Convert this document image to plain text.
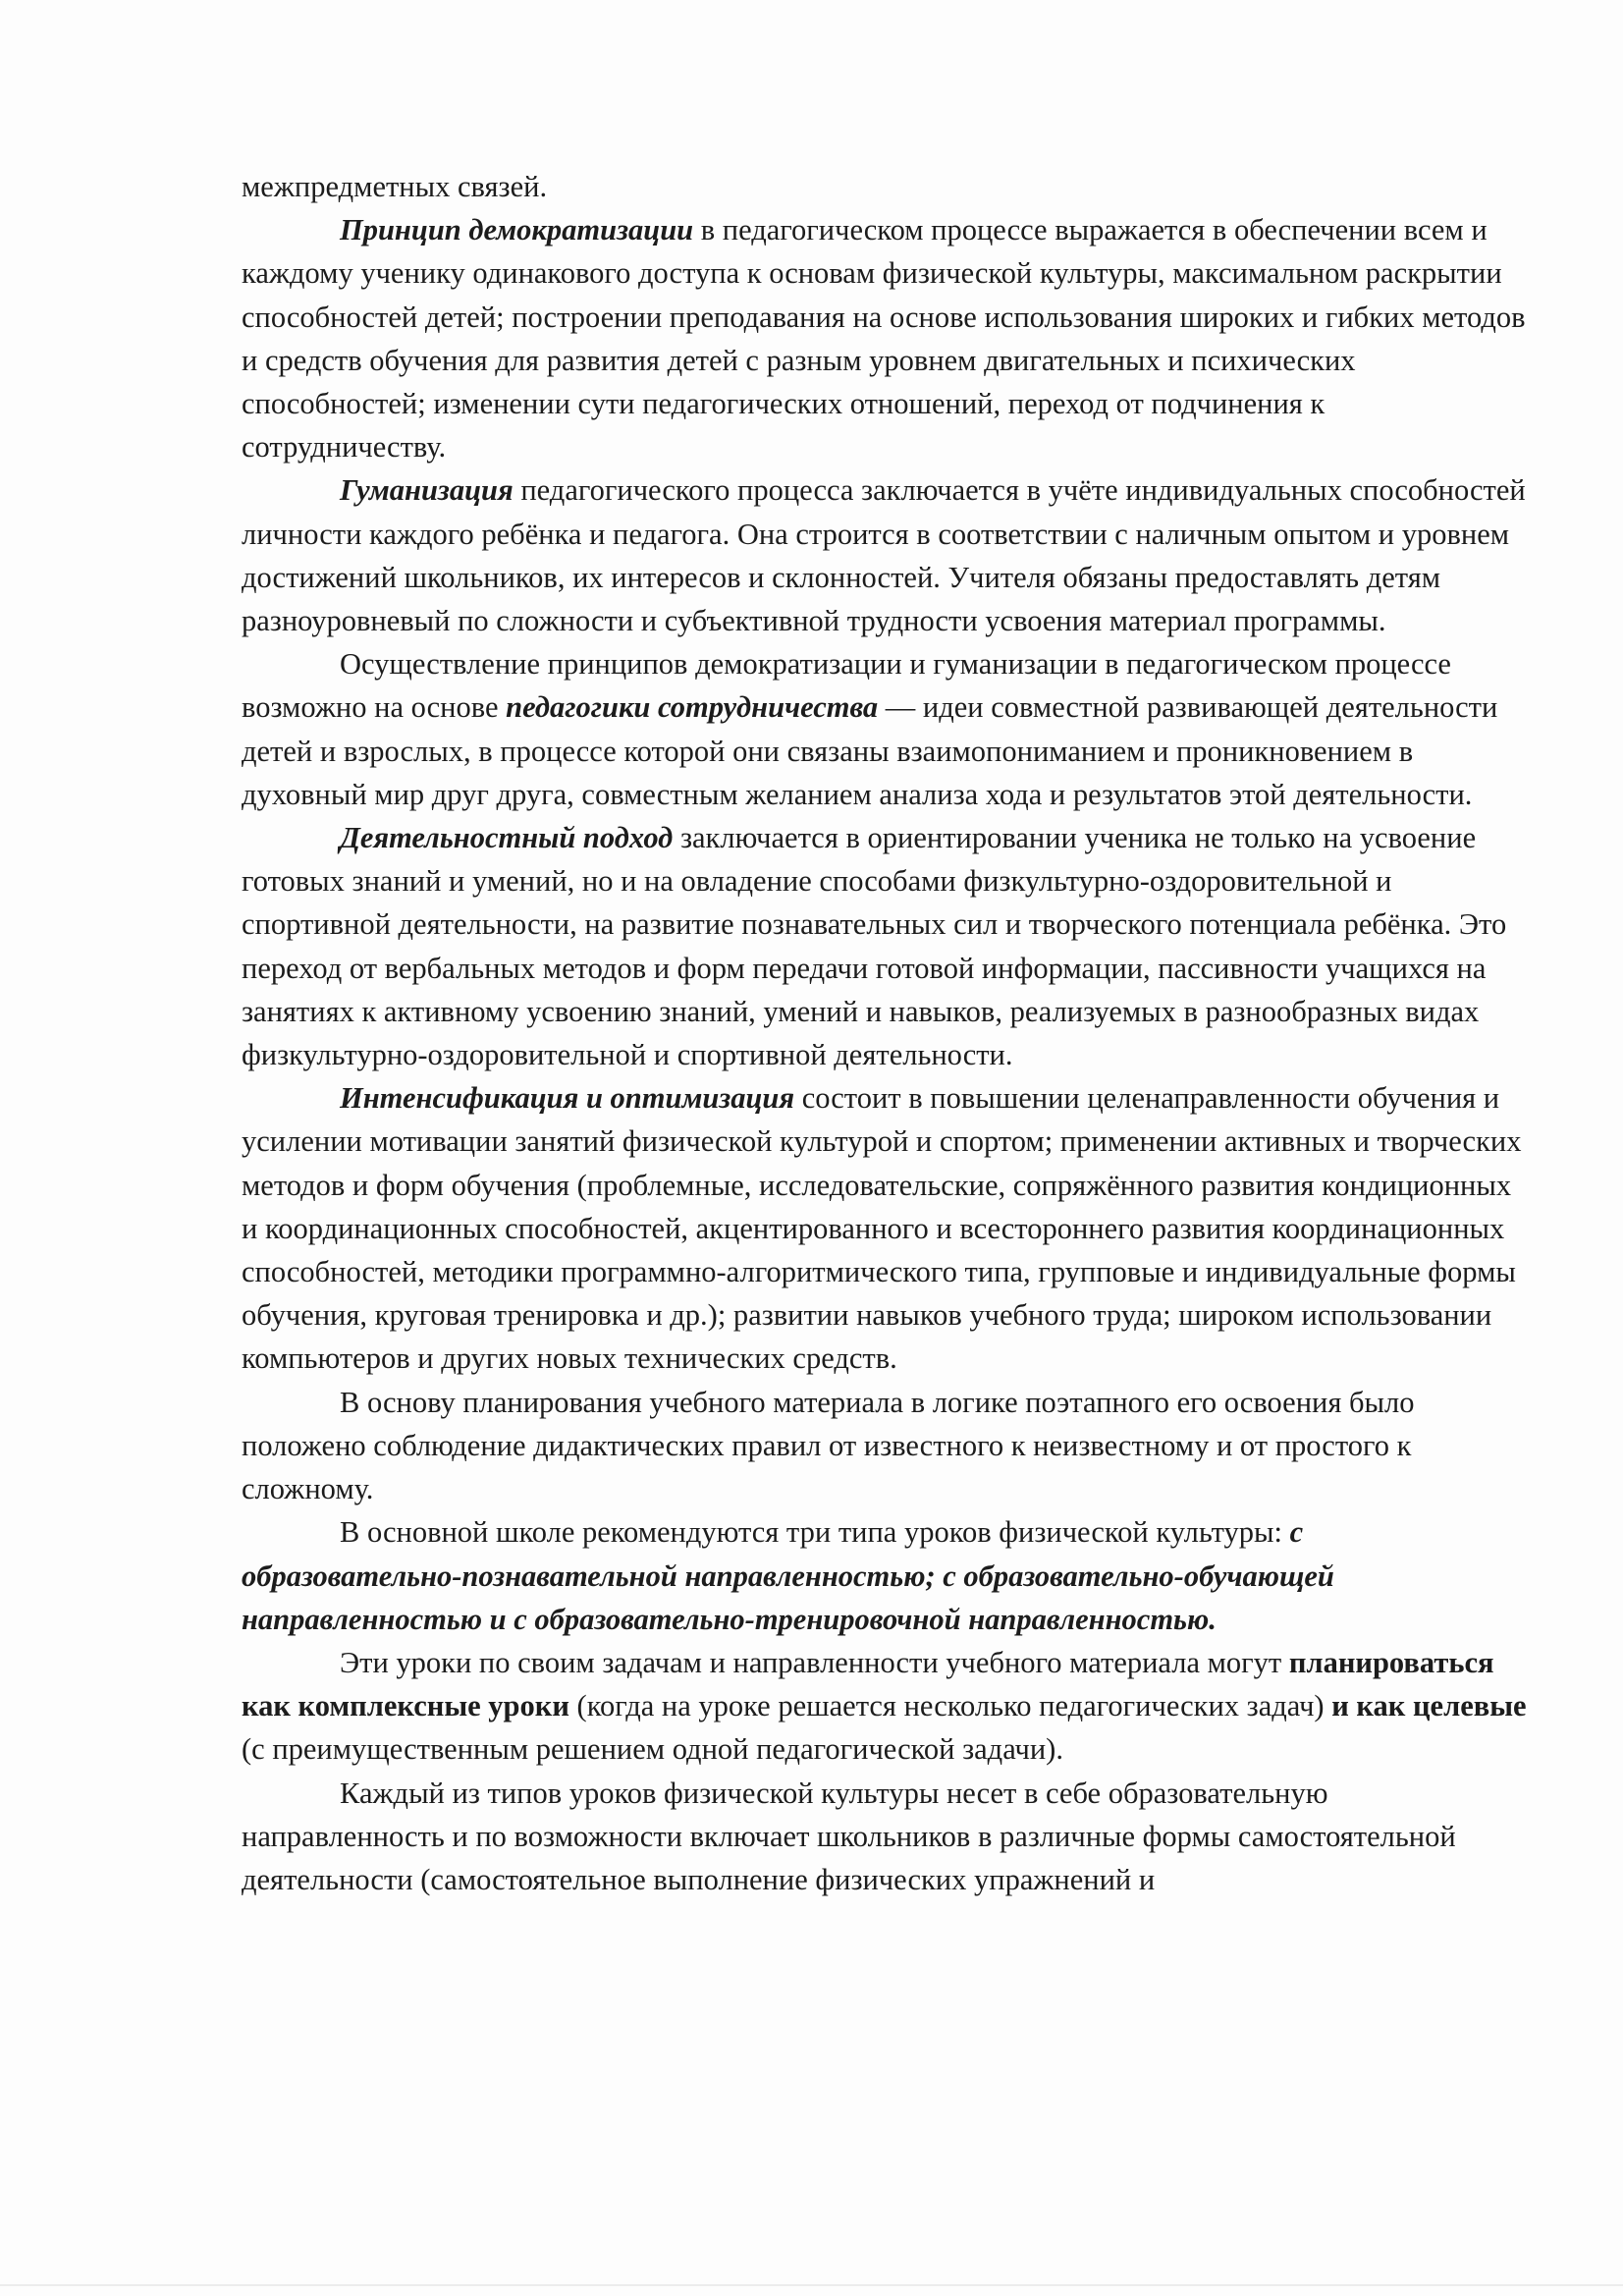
межпредметных связей.

Принцип демократизации в педагогическом процессе выражается в обеспечении всем и каждому ученику одинакового доступа к основам физической культуры, максимальном раскрытии способностей детей; построении преподавания на основе использования широких и гибких методов и средств обучения для развития детей с разным уровнем двигательных и психических способностей; изменении сути педагогических отношений, переход от подчинения к сотрудничеству.

Гуманизация педагогического процесса заключается в учёте индивидуальных способностей личности каждого ребёнка и педагога. Она строится в соответствии с наличным опытом и уровнем достижений школьников, их интересов и склонностей. Учителя обязаны предоставлять детям разноуровневый по сложности и субъективной трудности усвоения материал программы.

Осуществление принципов демократизации и гуманизации в педагогическом процессе возможно на основе педагогики сотрудничества — идеи совместной развивающей деятельности детей и взрослых, в процессе которой они связаны взаимопониманием и проникновением в духовный мир друг друга, совместным желанием анализа хода и результатов этой деятельности.

Деятельностный подход заключается в ориентировании ученика не только на усвоение готовых знаний и умений, но и на овладение способами физкультурно-оздоровительной и спортивной деятельности, на развитие познавательных сил и творческого потенциала ребёнка. Это переход от вербальных методов и форм передачи готовой информации, пассивности учащихся на занятиях к активному усвоению знаний, умений и навыков, реализуемых в разнообразных видах физкультурно-оздоровительной и спортивной деятельности.

Интенсификация и оптимизация состоит в повышении целенаправленности обучения и усилении мотивации занятий физической культурой и спортом; применении активных и творческих методов и форм обучения (проблемные, исследовательские, сопряжённого развития кондиционных и координационных способностей, акцентированного и всестороннего развития координационных способностей, методики программно-алгоритмического типа, групповые и индивидуальные формы обучения, круговая тренировка и др.); развитии навыков учебного труда; широком использовании компьютеров и других новых технических средств.

В основу планирования учебного материала в логике поэтапного его освоения было положено соблюдение дидактических правил от известного к неизвестному и от простого к сложному.

В основной школе рекомендуются три типа уроков физической культуры: с образовательно-познавательной направленностью; с образовательно-обучающей направленностью и с образовательно-тренировочной направленностью.

Эти уроки по своим задачам и направленности учебного материала могут планироваться как комплексные уроки (когда на уроке решается несколько педагогических задач) и как целевые (с преимущественным решением одной педагогической задачи).

Каждый из типов уроков физической культуры несет в себе образовательную направленность и по возможности включает школьников в различные формы самостоятельной деятельности (самостоятельное выполнение физических упражнений и
